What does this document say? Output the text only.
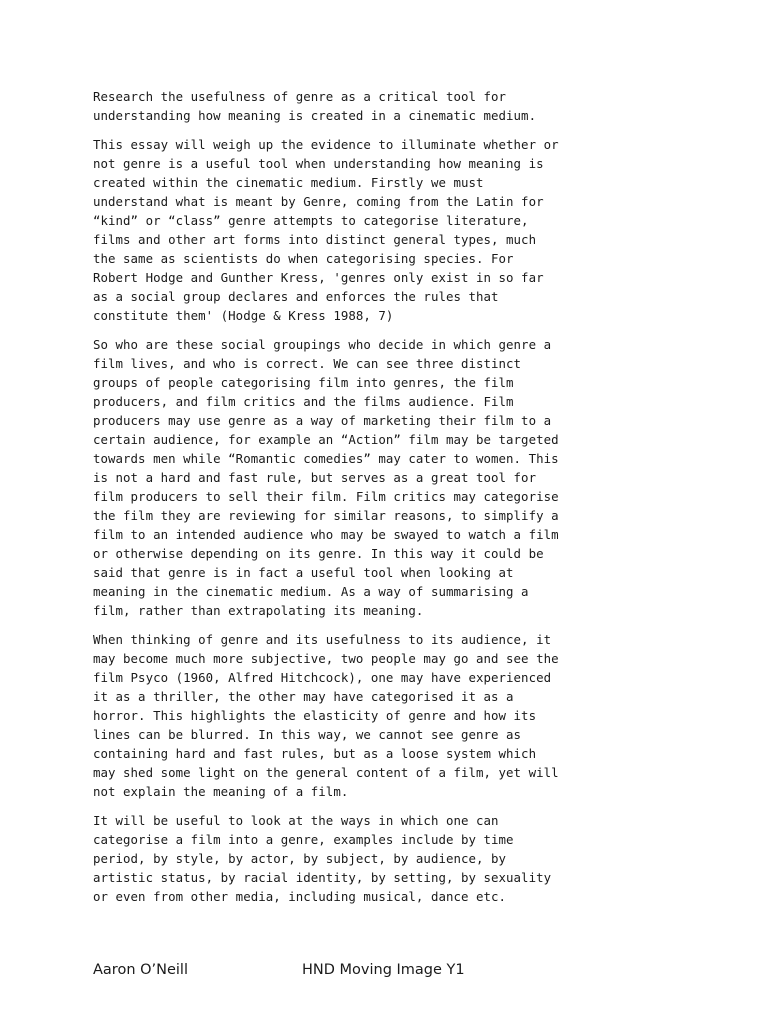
Research the usefulness of genre as a critical tool for
understanding how meaning is created in a cinematic medium.

This essay will weigh up the evidence to illuminate whether or
not genre is a useful tool when understanding how meaning is
created within the cinematic medium. Firstly we must
understand what is meant by Genre, coming from the Latin for
“kind” or “class” genre attempts to categorise literature,
films and other art forms into distinct general types, much
the same as scientists do when categorising species. For
Robert Hodge and Gunther Kress, 'genres only exist in so far
as a social group declares and enforces the rules that
constitute them' (Hodge & Kress 1988, 7)

So who are these social groupings who decide in which genre a
film lives, and who is correct. We can see three distinct
groups of people categorising film into genres, the film
producers, and film critics and the films audience. Film
producers may use genre as a way of marketing their film to a
certain audience, for example an “Action” film may be targeted
towards men while “Romantic comedies” may cater to women. This
is not a hard and fast rule, but serves as a great tool for
film producers to sell their film. Film critics may categorise
the film they are reviewing for similar reasons, to simplify a
film to an intended audience who may be swayed to watch a film
or otherwise depending on its genre. In this way it could be
said that genre is in fact a useful tool when looking at
meaning in the cinematic medium. As a way of summarising a
film, rather than extrapolating its meaning.

When thinking of genre and its usefulness to its audience, it
may become much more subjective, two people may go and see the
film Psyco (1960, Alfred Hitchcock), one may have experienced
it as a thriller, the other may have categorised it as a
horror. This highlights the elasticity of genre and how its
lines can be blurred. In this way, we cannot see genre as
containing hard and fast rules, but as a loose system which
may shed some light on the general content of a film, yet will
not explain the meaning of a film.

It will be useful to look at the ways in which one can
categorise a film into a genre, examples include by time
period, by style, by actor, by subject, by audience, by
artistic status, by racial identity, by setting, by sexuality
or even from other media, including musical, dance etc.

Aaron O’Neill	HND Moving Image Y1
